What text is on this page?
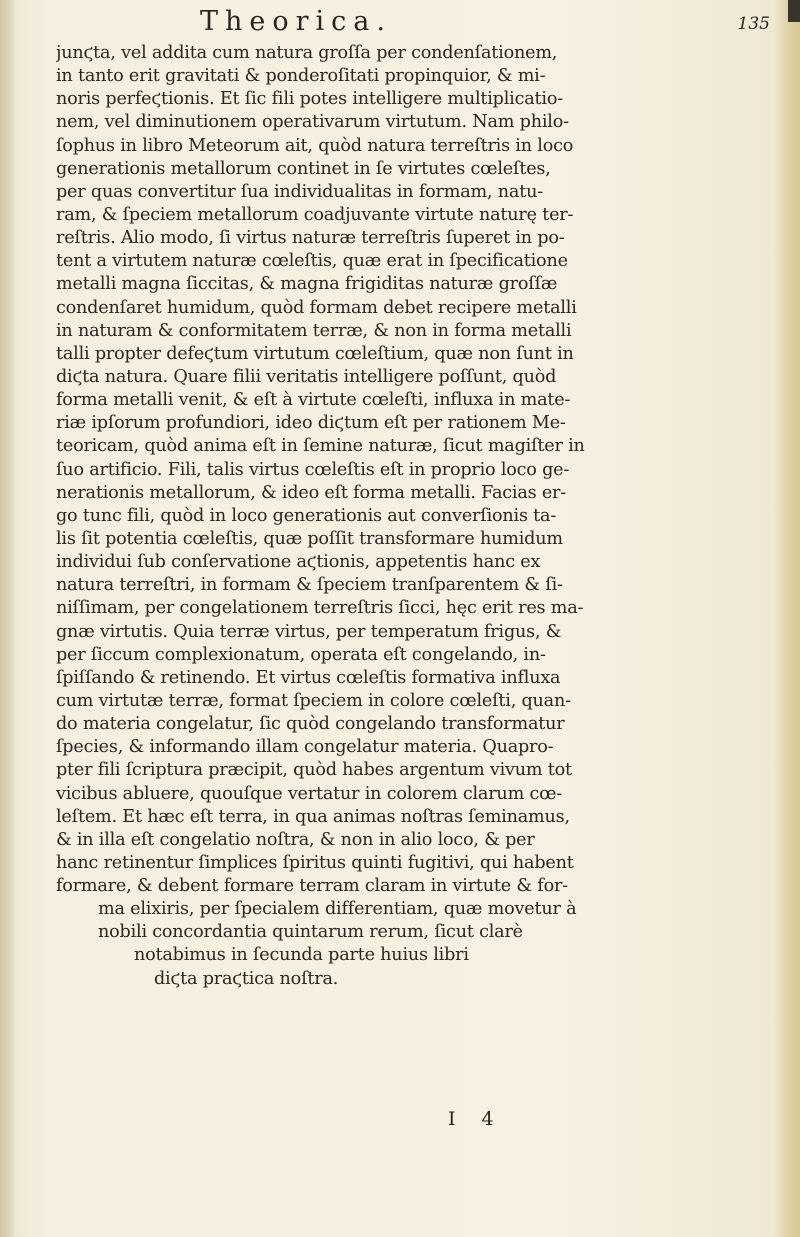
Theorica.	135
junϛta, vel addita cum natura groſſa per condenſationem,
in tanto erit gravitati & ponderoſitati propinquior, & mi-
noris perfeϛtionis. Et ſic fili potes intelligere multiplicatio-
nem, vel diminutionem operativarum virtutum. Nam philo-
ſophus in libro Meteorum ait, quòd natura terreſtris in loco
generationis metallorum continet in ſe virtutes cœleſtes,
per quas convertitur ſua individualitas in formam, natu-
ram, & ſpeciem metallorum coadjuvante virtute naturę ter-
reſtris. Alio modo, ſi virtus naturæ terreſtris ſuperet in po-
tent a virtutem naturæ cœleſtis, quæ erat in ſpecificatione
metalli magna ſiccitas, & magna frigiditas naturæ groſſæ
condenſaret humidum, quòd formam debet recipere metalli
in naturam & conformitatem terræ, & non in forma metalli
talli propter defeϛtum virtutum cœleſtium, quæ non ſunt in
diϛta natura. Quare filii veritatis intelligere poſſunt, quòd
forma metalli venit, & eſt à virtute cœleſti, influxa in mate-
riæ ipſorum profundiori, ideo diϛtum eſt per rationem Me-
teoricam, quòd anima eſt in ſemine naturæ, ſicut magiſter in
ſuo artificio. Fili, talis virtus cœleſtis eſt in proprio loco ge-
nerationis metallorum, & ideo eſt forma metalli. Facias er-
go tunc fili, quòd in loco generationis aut converſionis ta-
lis ſit potentia cœleſtis, quæ poſſit transformare humidum
individui ſub conſervatione aϛtionis, appetentis hanc ex
natura terreſtri, in formam & ſpeciem tranſparentem & ſi-
niſſimam, per congelationem terreſtris ſicci, hęc erit res ma-
gnæ virtutis. Quia terræ virtus, per temperatum frigus, &
per ſiccum complexionatum, operata eſt congelando, in-
ſpiſſando & retinendo. Et virtus cœleſtis formativa influxa
cum virtutæ terræ, format ſpeciem in colore cœleſti, quan-
do materia congelatur, ſic quòd congelando transformatur
ſpecies, & informando illam congelatur materia. Quapro-
pter fili ſcriptura præcipit, quòd habes argentum vivum tot
vicibus abluere, quouſque vertatur in colorem clarum cœ-
leſtem. Et hæc eſt terra, in qua animas noſtras ſeminamus,
& in illa eſt congelatio noſtra, & non in alio loco, & per
hanc retinentur ſimplices ſpiritus quinti fugitivi, qui habent
formare, & debent formare terram claram in virtute & for-
ma elixiris, per ſpecialem differentiam, quæ movetur à
nobili concordantia quintarum rerum, ſicut clarè
notabimus in ſecunda parte huius libri
diϛta praϛtica noſtra.
I 4
